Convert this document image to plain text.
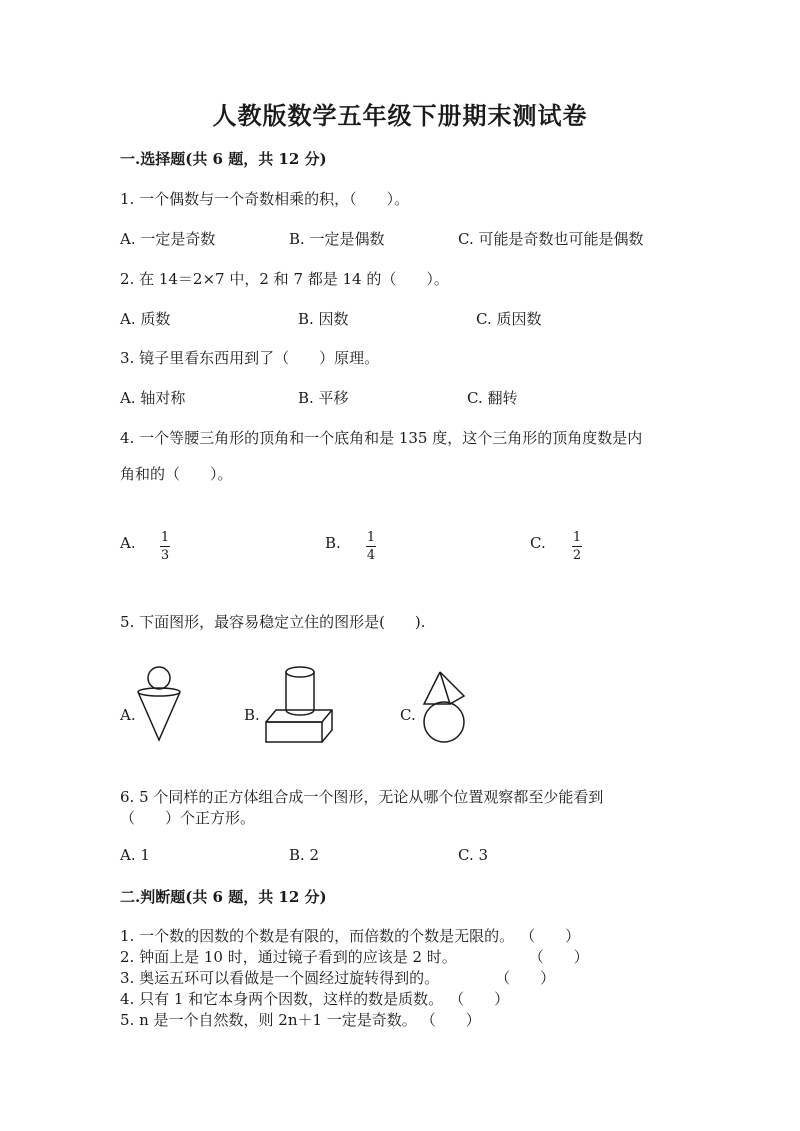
人教版数学五年级下册期末测试卷
一.选择题(共 6 题，共 12 分)
1. 一个偶数与一个奇数相乘的积，（　　）。
A. 一定是奇数	B. 一定是偶数	C. 可能是奇数也可能是偶数
2. 在 14＝2×7 中，2 和 7 都是 14 的（　　）。
A. 质数	B. 因数	C. 质因数
3. 镜子里看东西用到了（　　）原理。
A. 轴对称	B. 平移	C. 翻转
4. 一个等腰三角形的顶角和一个底角和是 135 度，这个三角形的顶角度数是内
角和的（　　）。
A. $\frac{1}{3}$	B. $\frac{1}{4}$	C. $\frac{1}{2}$
5. 下面图形，最容易稳定立住的图形是(　　).
A.	B.	C.
6. 5 个同样的正方体组合成一个图形，无论从哪个位置观察都至少能看到
（　　）个正方形。
A. 1	B. 2	C. 3
二.判断题(共 6 题，共 12 分)
1. 一个数的因数的个数是有限的，而倍数的个数是无限的。 （　　）
2. 钟面上是 10 时，通过镜子看到的应该是 2 时。	（　　）
3. 奥运五环可以看做是一个圆经过旋转得到的。	（　　）
4. 只有 1 和它本身两个因数，这样的数是质数。 （　　）
5. n 是一个自然数，则 2n＋1 一定是奇数。 （　　）
